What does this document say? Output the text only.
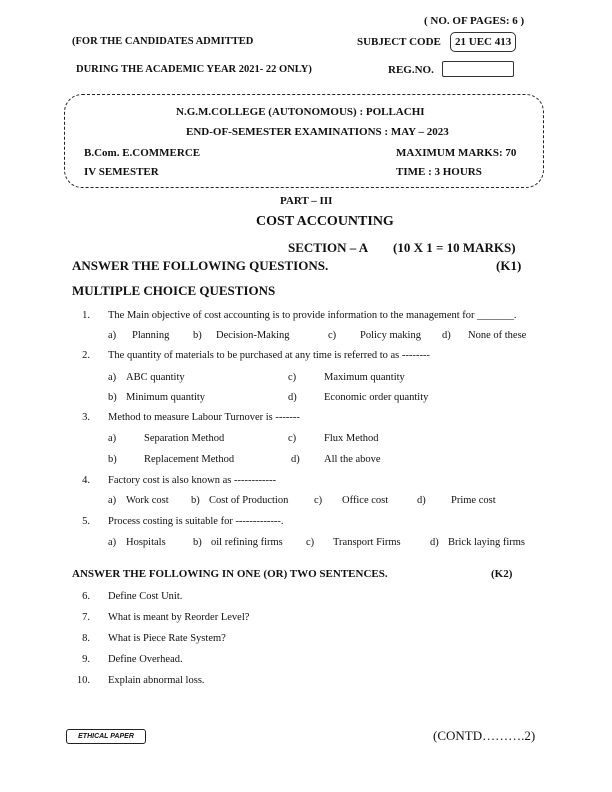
( NO. OF PAGES: 6 )
(FOR THE CANDIDATES ADMITTED	SUBJECT CODE	21 UEC 413
DURING THE ACADEMIC YEAR 2021- 22 ONLY)	REG.NO.
N.G.M.COLLEGE (AUTONOMOUS) : POLLACHI
END-OF-SEMESTER EXAMINATIONS : MAY – 2023
B.Com. E.COMMERCE	MAXIMUM MARKS: 70
IV SEMESTER	TIME : 3 HOURS
PART – III
COST ACCOUNTING
SECTION – A (10 X 1 = 10 MARKS)
ANSWER THE FOLLOWING QUESTIONS.	(K1)
MULTIPLE CHOICE QUESTIONS
1. The Main objective of cost accounting is to provide information to the management for _______.
a) Planning b) Decision-Making	c) Policy making d) None of these
2. The quantity of materials to be purchased at any time is referred to as --------
a) ABC quantity	c)	Maximum quantity
b) Minimum quantity	d)	Economic order quantity
3. Method to measure Labour Turnover is -------
a)	Separation Method	c)	Flux Method
b)	Replacement Method	d) All the above
4. Factory cost is also known as ------------
a) Work cost b) Cost of Production c) Office cost	d) Prime cost
5. Process costing is suitable for -------------.
a) Hospitals	b) oil refining firms c) Transport Firms	d) Brick laying firms
ANSWER THE FOLLOWING IN ONE (OR) TWO SENTENCES.	(K2)
6. Define Cost Unit.
7. What is meant by Reorder Level?
8. What is Piece Rate System?
9. Define Overhead.
10. Explain abnormal loss.
ETHICAL PAPER	(CONTD……….2)
